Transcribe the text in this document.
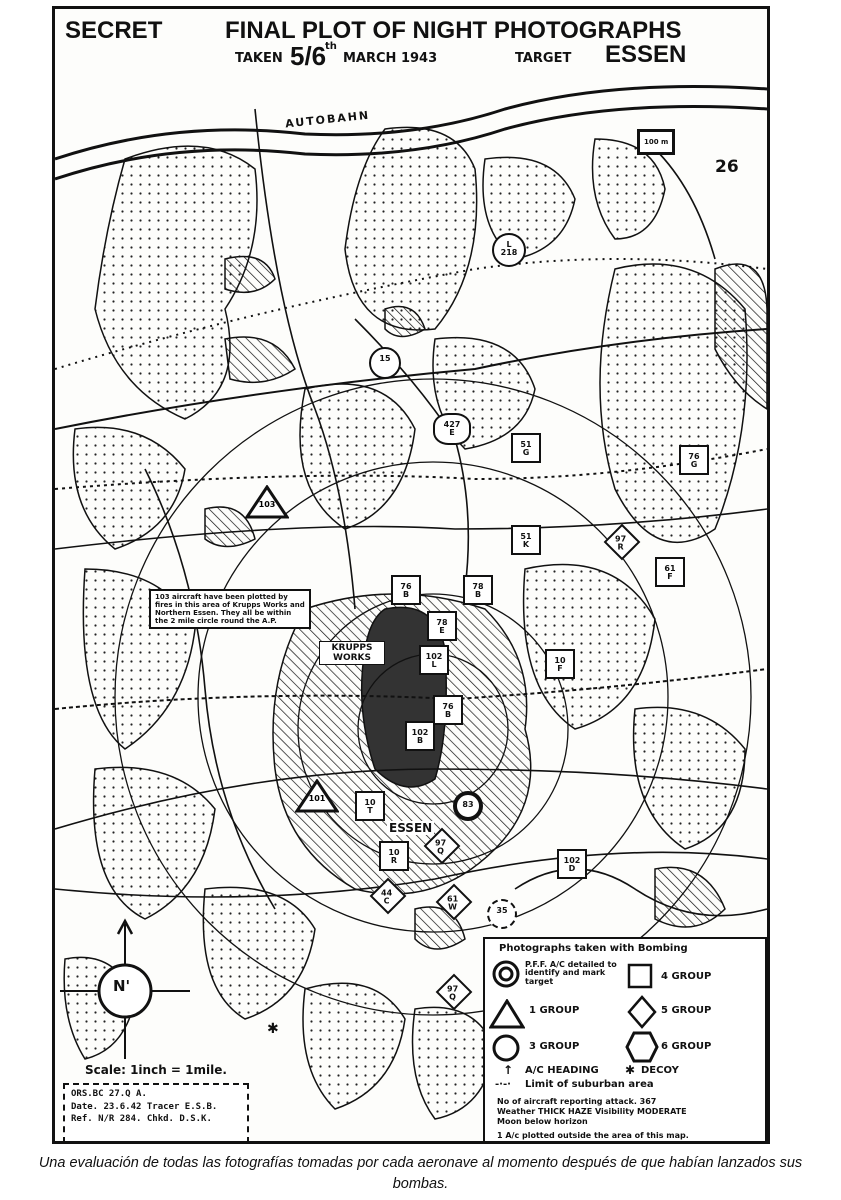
SECRET	FINAL PLOT OF NIGHT PHOTOGRAPHS
TAKEN 5/6
th
MARCH 1943	TARGET ESSEN
AUTOBAHN
26
100 m
KRUPPS WORKS
ESSEN
103 aircraft have been plotted by fires in this area of Krupps Works and Northern Essen. They all be within the 2 mile circle round the A.P.
L
218
15
427
E
51
G	76
G
103
51
K
97
R
61
F
76
B
78
B
78
E
102
L	10
F
76
B
102
B
101	10
T
83
97
Q
10
R	102
D
44
C	61
W	35
97
Q
N'
✱
Scale: 1inch = 1mile.
ORS.BC 27.Q A.
Date. 23.6.42 Tracer E.S.B.
Ref. N/R 284. Chkd. D.S.K.
Photographs taken with Bombing
P.F.F. A/C detailed to identify and mark target	4 GROUP
1 GROUP	5 GROUP
3 GROUP	6 GROUP
↑ A/C HEADING ✱ DECOY
-·-· Limit of suburban area
No of aircraft reporting attack. 367
Weather THICK HAZE Visibility MODERATE
Moon below horizon
1 A/c plotted outside the area of this map.
Una evaluación de todas las fotografías tomadas por cada aeronave al momento después de que habían lanzados sus bombas.
